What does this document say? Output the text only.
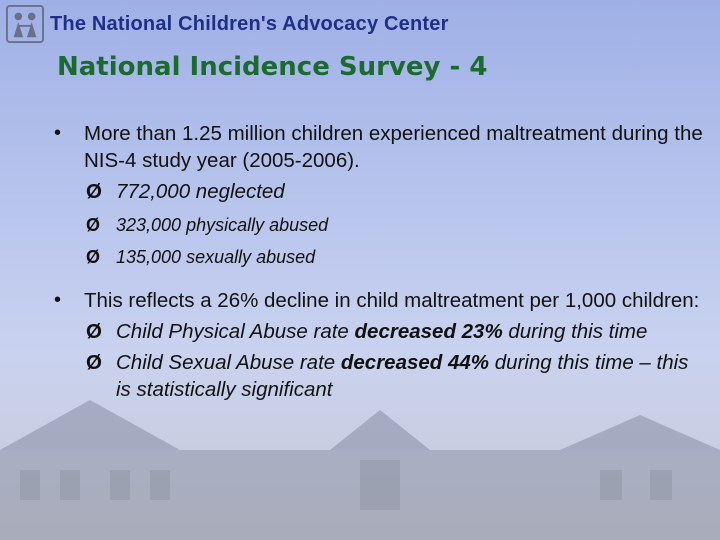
The National Children's Advocacy Center
National Incidence Survey - 4
• More than 1.25 million children experienced maltreatment during the NIS-4 study year (2005-2006).
Ø 772,000 neglected
Ø 323,000 physically abused
Ø 135,000 sexually abused
• This reflects a 26% decline in child maltreatment per 1,000 children:
Ø Child Physical Abuse rate decreased 23% during this time
Ø Child Sexual Abuse rate decreased 44% during this time – this is statistically significant
